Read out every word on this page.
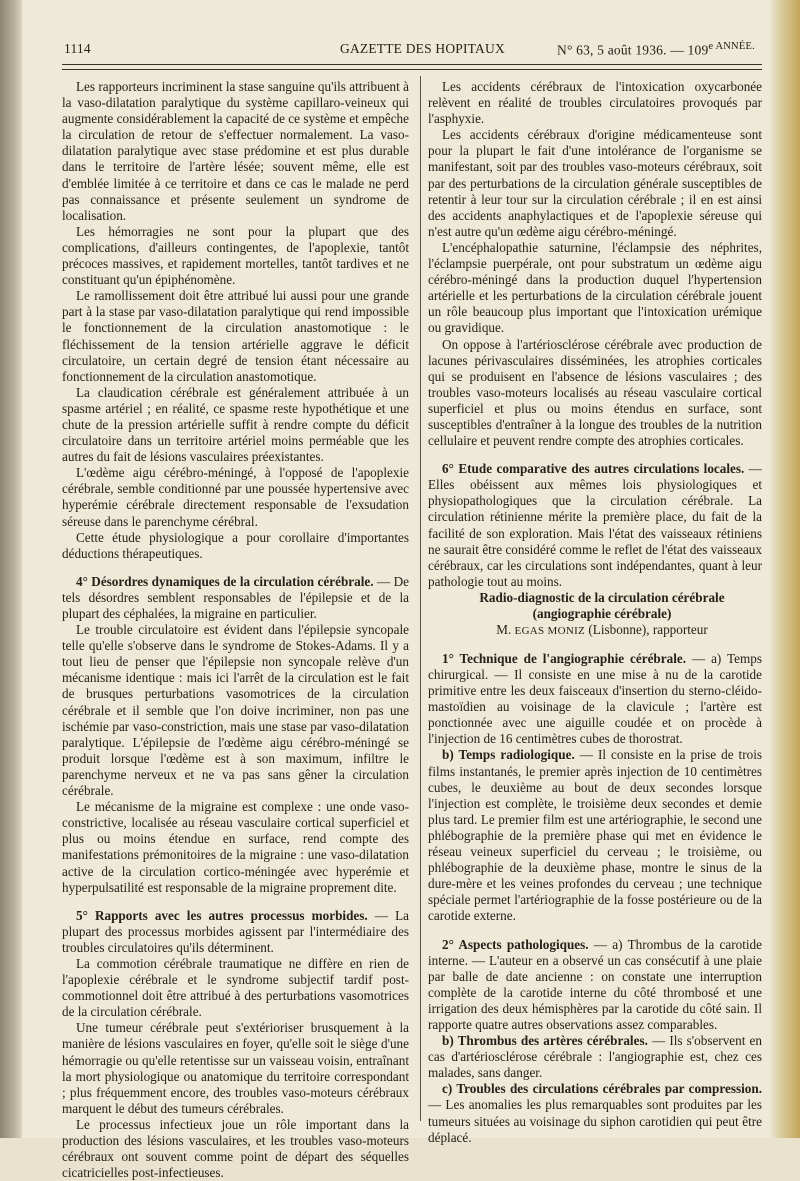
1114	GAZETTE DES HOPITAUX	N° 63, 5 août 1936. — $109^{e ANNÉE.}$

Les rapporteurs incriminent la stase sanguine qu'ils attribuent à la vaso-dilatation paralytique du système capillaro-veineux qui augmente considérablement la capacité de ce système et empêche la circulation de retour de s'effectuer normalement. La vaso-dilatation paralytique avec stase prédomine et est plus durable dans le territoire de l'artère lésée; souvent même, elle est d'emblée limitée à ce territoire et dans ce cas le malade ne perd pas connaissance et présente seulement un syndrome de localisation.

Les hémorragies ne sont pour la plupart que des complications, d'ailleurs contingentes, de l'apoplexie, tantôt précoces massives, et rapidement mortelles, tantôt tardives et ne constituant qu'un épiphénomène.

Le ramollissement doit être attribué lui aussi pour une grande part à la stase par vaso-dilatation paralytique qui rend impossible le fonctionnement de la circulation anastomotique : le fléchissement de la tension artérielle aggrave le déficit circulatoire, un certain degré de tension étant nécessaire au fonctionnement de la circulation anastomotique.

La claudication cérébrale est généralement attribuée à un spasme artériel ; en réalité, ce spasme reste hypothétique et une chute de la pression artérielle suffit à rendre compte du déficit circulatoire dans un territoire artériel moins perméable que les autres du fait de lésions vasculaires préexistantes.

L'œdème aigu cérébro-méningé, à l'opposé de l'apoplexie cérébrale, semble conditionné par une poussée hypertensive avec hyperémie cérébrale directement responsable de l'exsudation séreuse dans le parenchyme cérébral.

Cette étude physiologique a pour corollaire d'importantes déductions thérapeutiques.

4° Désordres dynamiques de la circulation cérébrale. — De tels désordres semblent responsables de l'épilepsie et de la plupart des céphalées, la migraine en particulier.

Le trouble circulatoire est évident dans l'épilepsie syncopale telle qu'elle s'observe dans le syndrome de Stokes-Adams. Il y a tout lieu de penser que l'épilepsie non syncopale relève d'un mécanisme identique : mais ici l'arrêt de la circulation est le fait de brusques perturbations vasomotrices de la circulation cérébrale et il semble que l'on doive incriminer, non pas une ischémie par vaso-constriction, mais une stase par vaso-dilatation paralytique. L'épilepsie de l'œdème aigu cérébro-méningé se produit lorsque l'œdème est à son maximum, infiltre le parenchyme nerveux et ne va pas sans gêner la circulation cérébrale.

Le mécanisme de la migraine est complexe : une onde vaso-constrictive, localisée au réseau vasculaire cortical superficiel et plus ou moins étendue en surface, rend compte des manifestations prémonitoires de la migraine : une vaso-dilatation active de la circulation cortico-méningée avec hyperémie et hyperpulsatilité est responsable de la migraine proprement dite.

5° Rapports avec les autres processus morbides. — La plupart des processus morbides agissent par l'intermédiaire des troubles circulatoires qu'ils déterminent.

La commotion cérébrale traumatique ne diffère en rien de l'apoplexie cérébrale et le syndrome subjectif tardif post-commotionnel doit être attribué à des perturbations vasomotrices de la circulation cérébrale.

Une tumeur cérébrale peut s'extérioriser brusquement à la manière de lésions vasculaires en foyer, qu'elle soit le siège d'une hémorragie ou qu'elle retentisse sur un vaisseau voisin, entraînant la mort physiologique ou anatomique du territoire correspondant ; plus fréquemment encore, des troubles vaso-moteurs cérébraux marquent le début des tumeurs cérébrales.

Le processus infectieux joue un rôle important dans la production des lésions vasculaires, et les troubles vaso-moteurs cérébraux ont souvent comme point de départ des séquelles cicatricielles post-infectieuses.

Les accidents cérébraux de l'intoxication oxycarbonée relèvent en réalité de troubles circulatoires provoqués par l'asphyxie.

Les accidents cérébraux d'origine médicamenteuse sont pour la plupart le fait d'une intolérance de l'organisme se manifestant, soit par des troubles vaso-moteurs cérébraux, soit par des perturbations de la circulation générale susceptibles de retentir à leur tour sur la circulation cérébrale ; il en est ainsi des accidents anaphylactiques et de l'apoplexie séreuse qui n'est autre qu'un œdème aigu cérébro-méningé.

L'encéphalopathie saturnine, l'éclampsie des néphrites, l'éclampsie puerpérale, ont pour substratum un œdème aigu cérébro-méningé dans la production duquel l'hypertension artérielle et les perturbations de la circulation cérébrale jouent un rôle beaucoup plus important que l'intoxication urémique ou gravidique.

On oppose à l'artériosclérose cérébrale avec production de lacunes périvasculaires disséminées, les atrophies corticales qui se produisent en l'absence de lésions vasculaires ; des troubles vaso-moteurs localisés au réseau vasculaire cortical superficiel et plus ou moins étendus en surface, sont susceptibles d'entraîner à la longue des troubles de la nutrition cellulaire et peuvent rendre compte des atrophies corticales.

6° Etude comparative des autres circulations locales. — Elles obéissent aux mêmes lois physiologiques et physiopathologiques que la circulation cérébrale. La circulation rétinienne mérite la première place, du fait de la facilité de son exploration. Mais l'état des vaisseaux rétiniens ne saurait être considéré comme le reflet de l'état des vaisseaux cérébraux, car les circulations sont indépendantes, quant à leur pathologie tout au moins.

Radio-diagnostic de la circulation cérébrale

(angiographie cérébrale)

M. EGAS MONIZ (Lisbonne), rapporteur

1° Technique de l'angiographie cérébrale. — a) Temps chirurgical. — Il consiste en une mise à nu de la carotide primitive entre les deux faisceaux d'insertion du sterno-cléido-mastoïdien au voisinage de la clavicule ; l'artère est ponctionnée avec une aiguille coudée et on procède à l'injection de 16 centimètres cubes de thorostrat.

b) Temps radiologique. — Il consiste en la prise de trois films instantanés, le premier après injection de 10 centimètres cubes, le deuxième au bout de deux secondes lorsque l'injection est complète, le troisième deux secondes et demie plus tard. Le premier film est une artériographie, le second une phlébographie de la première phase qui met en évidence le réseau veineux superficiel du cerveau ; le troisième, ou phlébographie de la deuxième phase, montre le sinus de la dure-mère et les veines profondes du cerveau ; une technique spéciale permet l'artériographie de la fosse postérieure ou de la carotide externe.

2° Aspects pathologiques. — a) Thrombus de la carotide interne. — L'auteur en a observé un cas consécutif à une plaie par balle de date ancienne : on constate une interruption complète de la carotide interne du côté thrombosé et une irrigation des deux hémisphères par la carotide du côté sain. Il rapporte quatre autres observations assez comparables.

b) Thrombus des artères cérébrales. — Ils s'observent en cas d'artériosclérose cérébrale : l'angiographie est, chez ces malades, sans danger.

c) Troubles des circulations cérébrales par compression. — Les anomalies les plus remarquables sont produites par les tumeurs situées au voisinage du siphon carotidien qui peut être déplacé.
